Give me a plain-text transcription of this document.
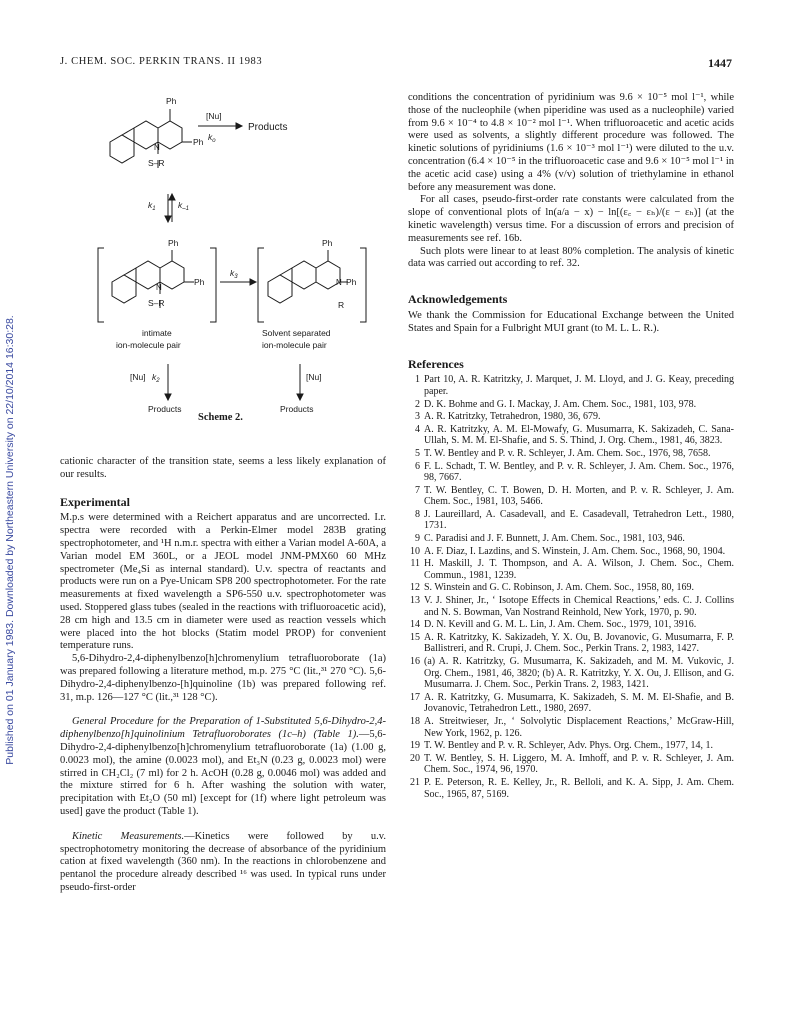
J. CHEM. SOC. PERKIN TRANS. II 1983	1447
Published on 01 January 1983. Downloaded by Northeastern University on 22/10/2014 16:30:28.
Ph
Ph
N
S–R
[Nu]
$k_o$
Products
$k_1$	$k_{-1}$
Ph
Ph
N
S–R
$k_3$
Ph
Ph
N
R
intimate
ion-molecule pair
Solvent separated
ion-molecule pair
[Nu] $k_2$	[Nu]
Products	Products
Scheme 2.

cationic character of the transition state, seems a less likely explanation of our results.

Experimental

M.p.s were determined with a Reichert apparatus and are uncorrected. I.r. spectra were recorded with a Perkin-Elmer model 283B grating spectrophotometer, and ¹H n.m.r. spectra with either a Varian model A-60A, a Varian model EM 360L, or a JEOL model JNM-PMX60 60 MHz spectrometer (Me₄Si as internal standard). U.v. spectra of reactants and products were run on a Pye-Unicam SP8 200 spectrophotometer. For the rate measurements at fixed wavelength a SP6-550 u.v. spectrophotometer was used. Stoppered glass tubes (sealed in the reactions with trifluoroacetic acid), 28 cm high and 13.5 cm in diameter were used as reaction vessels which were placed into the hot blocks (Statim model PROP) for convenient temperature runs.

5,6-Dihydro-2,4-diphenylbenzo[h]chromenylium tetrafluoroborate (1a) was prepared following a literature method, m.p. 275 °C (lit.,³¹ 270 °C). 5,6-Dihydro-2,4-diphenylbenzo-[h]quinoline (1b) was prepared following ref. 31, m.p. 126—127 °C (lit.,³¹ 128 °C).

General Procedure for the Preparation of 1-Substituted 5,6-Dihydro-2,4-diphenylbenzo[h]quinolinium Tetrafluoroborates (1c–h) (Table 1).—5,6-Dihydro-2,4-diphenylbenzo[h]chromenylium tetrafluoroborate (1a) (1.00 g, 0.0023 mol), the amine (0.0023 mol), and Et₃N (0.23 g, 0.0023 mol) were stirred in CH₂Cl₂ (7 ml) for 2 h. AcOH (0.28 g, 0.0046 mol) was added and the mixture stirred for 6 h. After washing the solution with water, precipitation with Et₂O (50 ml) [except for (1f) where light petroleum was used] gave the product (Table 1).

Kinetic Measurements.—Kinetics were followed by u.v. spectrophotometry monitoring the decrease of absorbance of the pyridinium cation at fixed wavelength (360 nm). In the reactions in chlorobenzene and pentanol the procedure already described ¹⁶ was used. In typical runs under pseudo-first-order

conditions the concentration of pyridinium was 9.6 × 10⁻⁵ mol l⁻¹, while those of the nucleophile (when piperidine was used as a nucleophile) varied from 9.6 × 10⁻⁴ to 4.8 × 10⁻² mol l⁻¹. When trifluoroacetic and acetic acids were used as solvents, a slightly different procedure was followed. The kinetic solutions of pyridiniums (1.6 × 10⁻³ mol l⁻¹) were diluted to the u.v. concentration (6.4 × 10⁻⁵ in the trifluoroacetic case and 9.6 × 10⁻⁵ mol l⁻¹ in the acetic acid case) using a 4% (v/v) solution of triethylamine in ethanol before any measurement was done.

For all cases, pseudo-first-order rate constants were calculated from the slope of conventional plots of ln(a/a − x) − ln[(ε꜀ − εₕ)/(ε − εₕ)] (at the kinetic wavelength) versus time. For a discussion of errors and precision of measurements see ref. 16b.

Such plots were linear to at least 80% completion. The analysis of kinetic data was carried out according to ref. 32.

Acknowledgements

We thank the Commission for Educational Exchange between the United States and Spain for a Fulbright MUI grant (to M. L. L. R.).

References
1 Part 10, A. R. Katritzky, J. Marquet, J. M. Lloyd, and J. G. Keay, preceding paper.
2 D. K. Bohme and G. I. Mackay, J. Am. Chem. Soc., 1981, 103, 978.
3 A. R. Katritzky, Tetrahedron, 1980, 36, 679.
4 A. R. Katritzky, A. M. El-Mowafy, G. Musumarra, K. Sakizadeh, C. Sana-Ullah, S. M. M. El-Shafie, and S. S. Thind, J. Org. Chem., 1981, 46, 3823.
5 T. W. Bentley and P. v. R. Schleyer, J. Am. Chem. Soc., 1976, 98, 7658.
6 F. L. Schadt, T. W. Bentley, and P. v. R. Schleyer, J. Am. Chem. Soc., 1976, 98, 7667.
7 T. W. Bentley, C. T. Bowen, D. H. Morten, and P. v. R. Schleyer, J. Am. Chem. Soc., 1981, 103, 5466.
8 J. Laureillard, A. Casadevall, and E. Casadevall, Tetrahedron Lett., 1980, 1731.
9 C. Paradisi and J. F. Bunnett, J. Am. Chem. Soc., 1981, 103, 946.
10 A. F. Diaz, I. Lazdins, and S. Winstein, J. Am. Chem. Soc., 1968, 90, 1904.
11 H. Maskill, J. T. Thompson, and A. A. Wilson, J. Chem. Soc., Chem. Commun., 1981, 1239.
12 S. Winstein and G. C. Robinson, J. Am. Chem. Soc., 1958, 80, 169.
13 V. J. Shiner, Jr., ‘ Isotope Effects in Chemical Reactions,’ eds. C. J. Collins and N. S. Bowman, Van Nostrand Reinhold, New York, 1970, p. 90.
14 D. N. Kevill and G. M. L. Lin, J. Am. Chem. Soc., 1979, 101, 3916.
15 A. R. Katritzky, K. Sakizadeh, Y. X. Ou, B. Jovanovic, G. Musumarra, F. P. Ballistreri, and R. Crupi, J. Chem. Soc., Perkin Trans. 2, 1983, 1427.
16 (a) A. R. Katritzky, G. Musumarra, K. Sakizadeh, and M. M. Vukovic, J. Org. Chem., 1981, 46, 3820; (b) A. R. Katritzky, Y. X. Ou, J. Ellison, and G. Musumarra. J. Chem. Soc., Perkin Trans. 2, 1983, 1421.
17 A. R. Katritzky, G. Musumarra, K. Sakizadeh, S. M. M. El-Shafie, and B. Jovanovic, Tetrahedron Lett., 1980, 2697.
18 A. Streitwieser, Jr., ‘ Solvolytic Displacement Reactions,’ McGraw-Hill, New York, 1962, p. 126.
19 T. W. Bentley and P. v. R. Schleyer, Adv. Phys. Org. Chem., 1977, 14, 1.
20 T. W. Bentley, S. H. Liggero, M. A. Imhoff, and P. v. R. Schleyer, J. Am. Chem. Soc., 1974, 96, 1970.
21 P. E. Peterson, R. E. Kelley, Jr., R. Belloli, and K. A. Sipp, J. Am. Chem. Soc., 1965, 87, 5169.
